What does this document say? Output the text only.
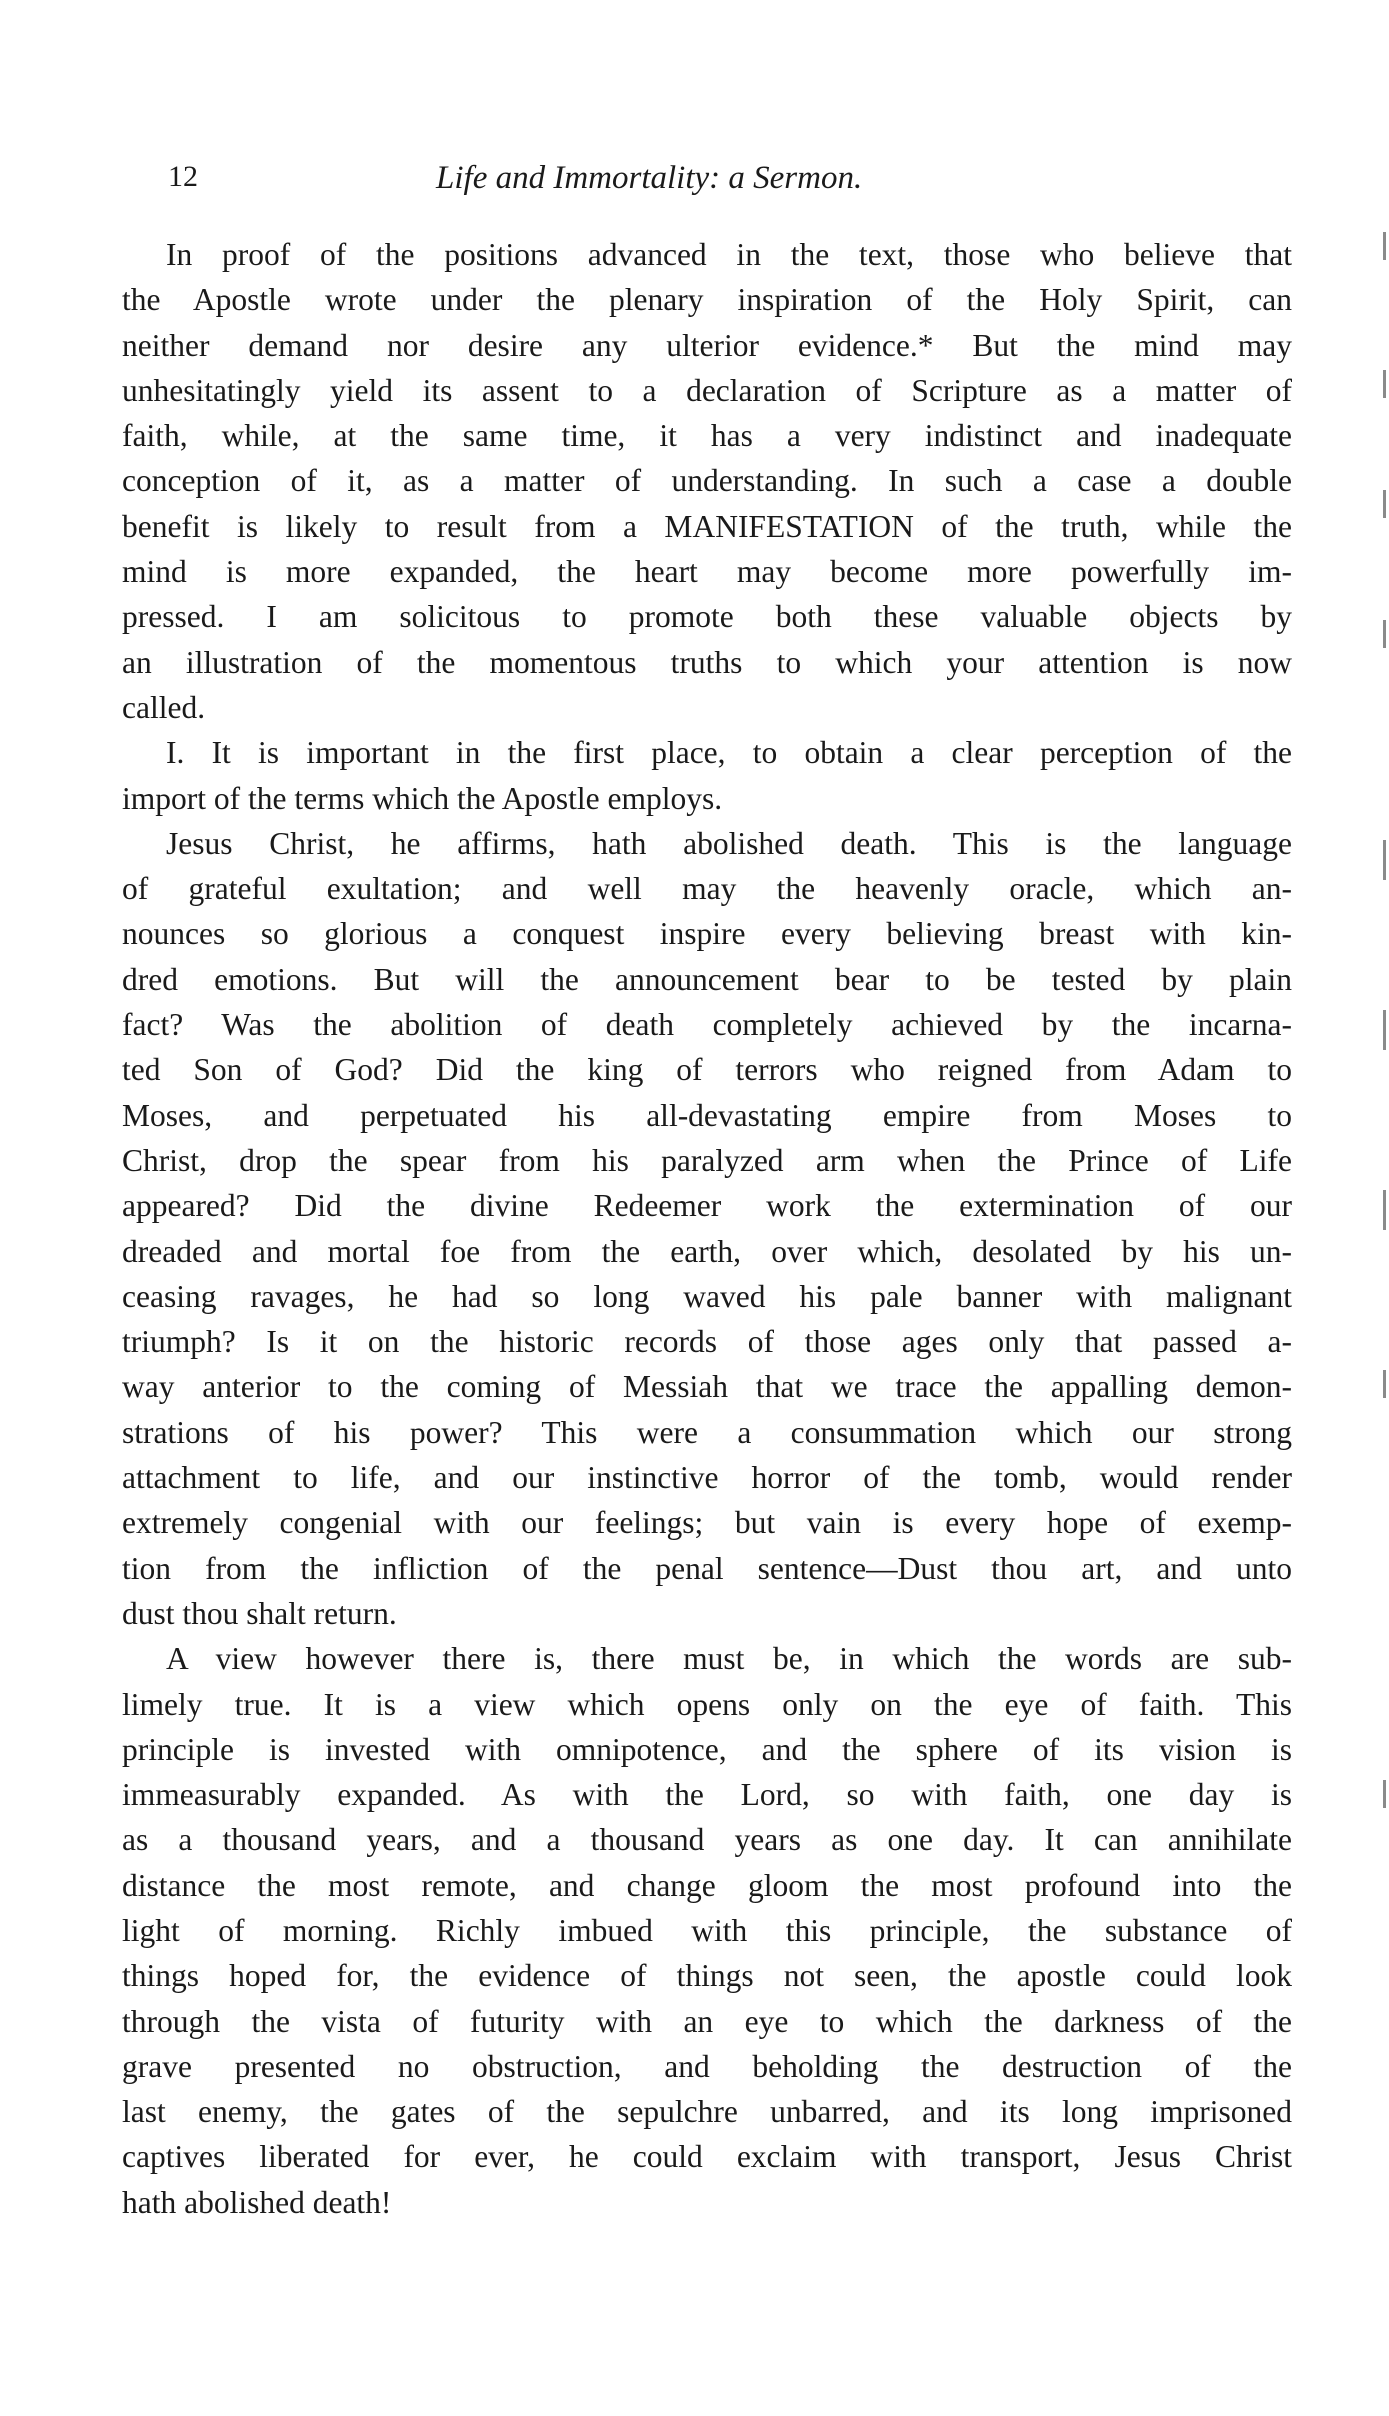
12	Life and Immortality: a Sermon.
In proof of the positions advanced in the text, those who believe that
the Apostle wrote under the plenary inspiration of the Holy Spirit, can
neither demand nor desire any ulterior evidence.* But the mind may
unhesitatingly yield its assent to a declaration of Scripture as a matter of
faith, while, at the same time, it has a very indistinct and inadequate
conception of it, as a matter of understanding. In such a case a double
benefit is likely to result from a MANIFESTATION of the truth, while the
mind is more expanded, the heart may become more powerfully im-
pressed. I am solicitous to promote both these valuable objects by
an illustration of the momentous truths to which your attention is now
called.
I. It is important in the first place, to obtain a clear perception of the
import of the terms which the Apostle employs.
Jesus Christ, he affirms, hath abolished death. This is the language
of grateful exultation; and well may the heavenly oracle, which an-
nounces so glorious a conquest inspire every believing breast with kin-
dred emotions. But will the announcement bear to be tested by plain
fact? Was the abolition of death completely achieved by the incarna-
ted Son of God? Did the king of terrors who reigned from Adam to
Moses, and perpetuated his all-devastating empire from Moses to
Christ, drop the spear from his paralyzed arm when the Prince of Life
appeared? Did the divine Redeemer work the extermination of our
dreaded and mortal foe from the earth, over which, desolated by his un-
ceasing ravages, he had so long waved his pale banner with malignant
triumph? Is it on the historic records of those ages only that passed a-
way anterior to the coming of Messiah that we trace the appalling demon-
strations of his power? This were a consummation which our strong
attachment to life, and our instinctive horror of the tomb, would render
extremely congenial with our feelings; but vain is every hope of exemp-
tion from the infliction of the penal sentence—Dust thou art, and unto
dust thou shalt return.
A view however there is, there must be, in which the words are sub-
limely true. It is a view which opens only on the eye of faith. This
principle is invested with omnipotence, and the sphere of its vision is
immeasurably expanded. As with the Lord, so with faith, one day is
as a thousand years, and a thousand years as one day. It can annihilate
distance the most remote, and change gloom the most profound into the
light of morning. Richly imbued with this principle, the substance of
things hoped for, the evidence of things not seen, the apostle could look
through the vista of futurity with an eye to which the darkness of the
grave presented no obstruction, and beholding the destruction of the
last enemy, the gates of the sepulchre unbarred, and its long imprisoned
captives liberated for ever, he could exclaim with transport, Jesus Christ
hath abolished death!
